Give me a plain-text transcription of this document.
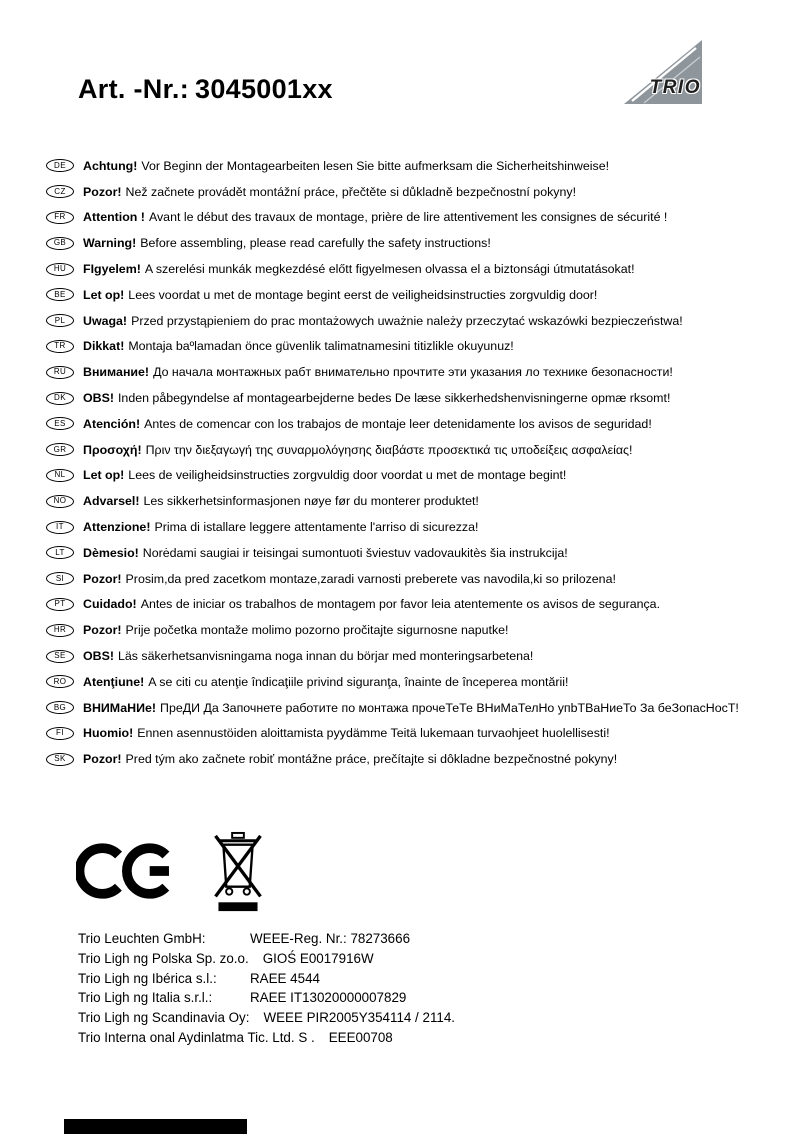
Art. -Nr.: 3045001xx	TRIO
DE	Achtung! Vor Beginn der Montagearbeiten lesen Sie bitte aufmerksam die Sicherheitshinweise!
CZ	Pozor! Než začnete provádět montážní práce, přečtěte si důkladně bezpečnostní pokyny!
FR	Attention ! Avant le début des travaux de montage, prière de lire attentivement les consignes de sécurité !
GB	Warning! Before assembling, please read carefully the safety instructions!
HU	FIgyelem! A szerelési munkák megkezdésé előtt figyelmesen olvassa el a biztonsági útmutatásokat!
BE	Let op! Lees voordat u met de montage begint eerst de veiligheidsinstructies zorgvuldig door!
PL	Uwaga! Przed przystąpieniem do prac montażowych uważnie należy przeczytać wskazówki bezpieczeństwa!
TR	Dikkat! Montaja baºlamadan önce güvenlik talimatnamesini titizlikle okuyunuz!
RU	Внимание! До начала монтажных рабт внимательно прочтите эти указания ло технике безопасности!
DK	OBS! Inden påbegyndelse af montagearbejderne bedes De læse sikkerhedshenvisningerne opmæ rksomt!
ES	Atención! Antes de comencar con los trabajos de montaje leer detenidamente los avisos de seguridad!
GR	Προσοχή! Πριν την διεξαγωγή της συναρμολόγησης διαβάστε προσεκτικά τις υποδείξεις ασφαλείας!
NL	Let op! Lees de veiligheidsinstructies zorgvuldig door voordat u met de montage begint!
NO	Advarsel! Les sikkerhetsinformasjonen nøye før du monterer produktet!
IT	Attenzione! Prima di istallare leggere attentamente l'arriso di sicurezza!
LT	Dèmesio! Norėdami saugiai ir teisingai sumontuoti šviestuv vadovaukitès šia instrukcija!
SI	Pozor! Prosim,da pred zacetkom montaze,zaradi varnosti preberete vas navodila,ki so prilozena!
PT	Cuidado! Antes de iniciar os trabalhos de montagem por favor leia atentemente os avisos de segurança.
HR	Pozor! Prije početka montaže molimo pozorno pročitajte sigurnosne naputke!
SE	OBS! Läs säkerhetsanvisningama noga innan du börjar med monteringsarbetena!
RO	Atenţiune! A se citi cu atenţie îndicaţiile privind siguranţa, înainte de începerea montării!
BG	ВНИМаНИе! ПреДИ Да Започнете работите по монтажа прочеТеТе ВНиМаТелНо упbТВаНиеТо За беЗопасНосТ!
FI	Huomio! Ennen asennustöiden aloittamista pyydämme Teitä lukemaan turvaohjeet huolellisesti!
SK	Pozor! Pred tým ako začnete robiť montážne práce, prečítajte si dôkladne bezpečnostné pokyny!
Trio Leuchten GmbH:	WEEE-Reg. Nr.: 78273666
Trio Ligh ng Polska Sp. zo.o.	GIOŚ E0017916W
Trio Ligh ng Ibérica s.l.:	RAEE 4544
Trio Ligh ng Italia s.r.l.:	RAEE IT13020000007829
Trio Ligh ng Scandinavia Oy:	WEEE PIR2005Y354114 / 2114.
Trio Interna onal Aydinlatma Tic. Ltd. S .	EEE00708
